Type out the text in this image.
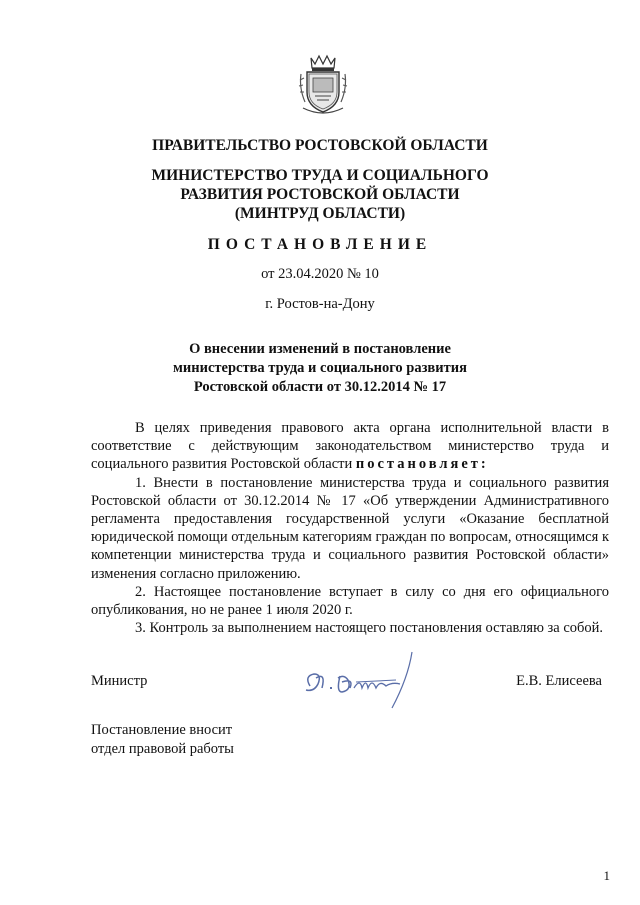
ПРАВИТЕЛЬСТВО РОСТОВСКОЙ ОБЛАСТИ
МИНИСТЕРСТВО ТРУДА И СОЦИАЛЬНОГО
РАЗВИТИЯ РОСТОВСКОЙ ОБЛАСТИ
(МИНТРУД ОБЛАСТИ)
ПОСТАНОВЛЕНИЕ
от 23.04.2020 № 10
г. Ростов-на-Дону
О внесении изменений в постановление
министерства труда и социального развития
Ростовской области от 30.12.2014 № 17

В целях приведения правового акта органа исполнительной власти в соответствие с действующим законодательством министерство труда и социального развития Ростовской области постановляет:

1. Внести в постановление министерства труда и социального развития Ростовской области от 30.12.2014 № 17 «Об утверждении Административного регламента предоставления государственной услуги «Оказание бесплатной юридической помощи отдельным категориям граждан по вопросам, относящимся к компетенции министерства труда и социального развития Ростовской области» изменения согласно приложению.

2. Настоящее постановление вступает в силу со дня его официального опубликования, но не ранее 1 июля 2020 г.

3. Контроль за выполнением настоящего постановления оставляю за собой.

Министр	Е.В. Елисеева
Постановление вносит
отдел правовой работы
1
